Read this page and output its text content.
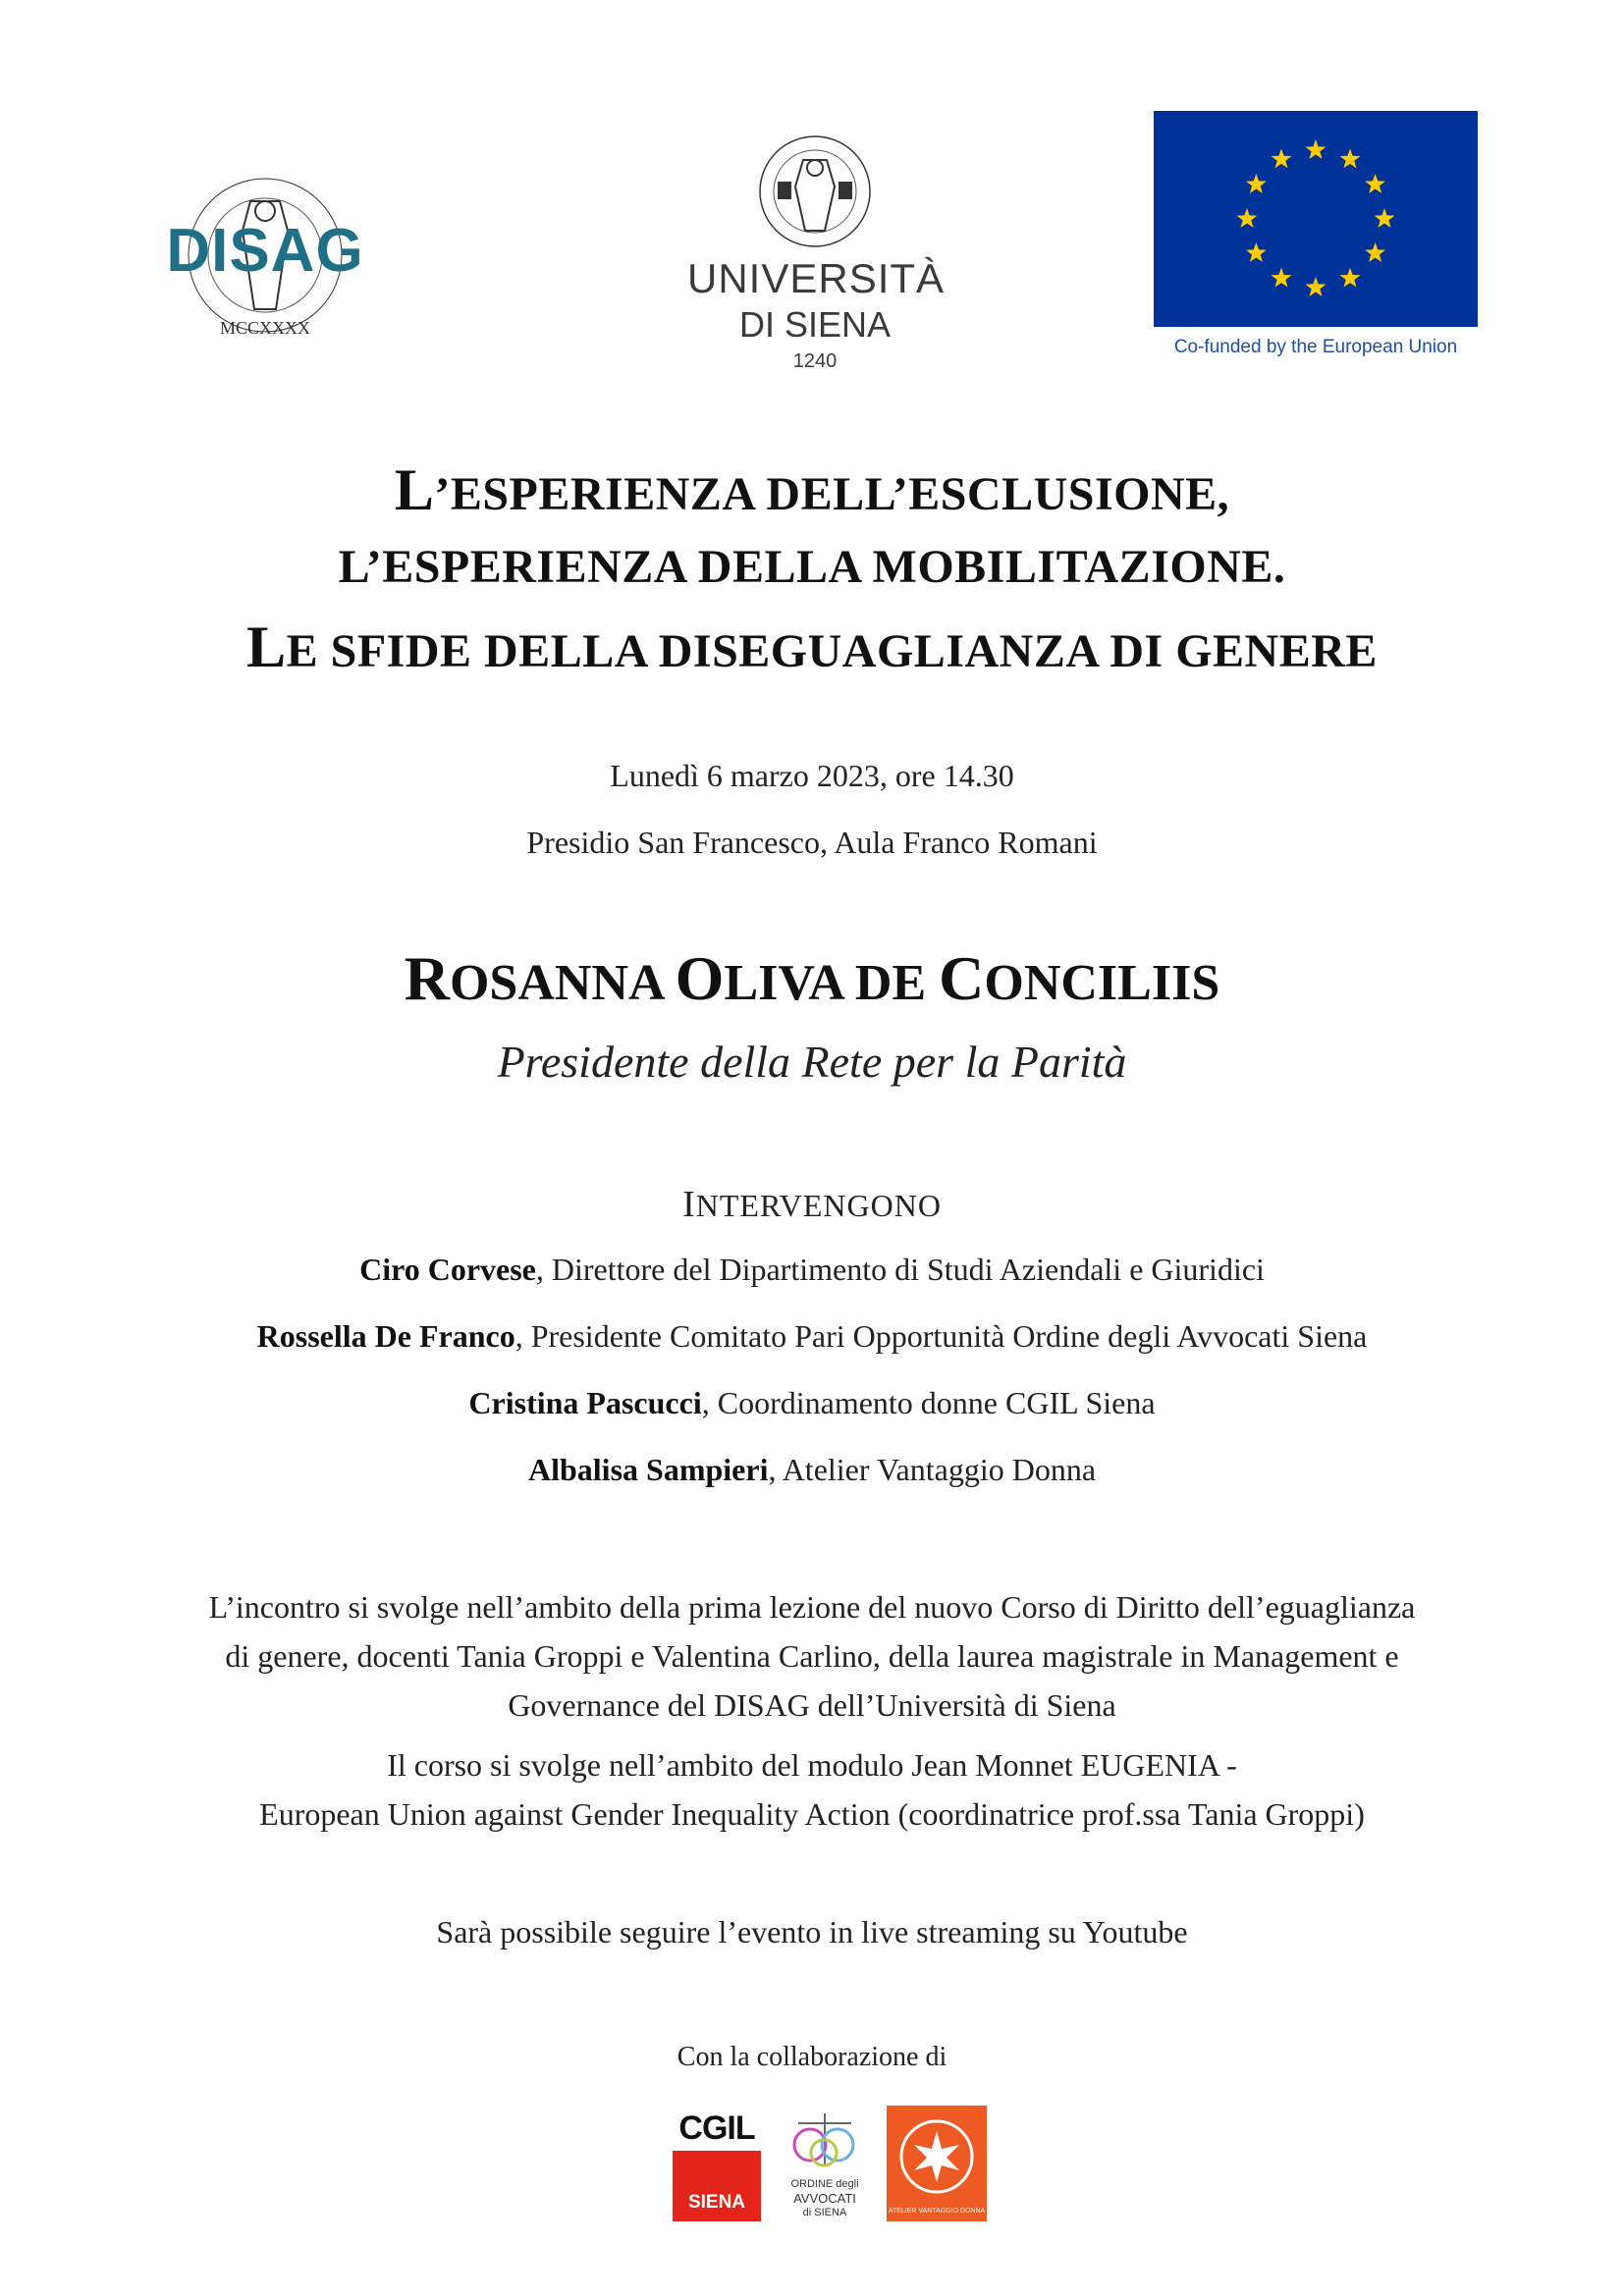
MCCXXXX
DISAG	UNIVERSITÀ
DI SIENA
1240
Co-funded by the European Union
L’ESPERIENZA DELL’ESCLUSIONE,
L’ESPERIENZA DELLA MOBILITAZIONE.
LE SFIDE DELLA DISEGUAGLIANZA DI GENERE
Lunedì 6 marzo 2023, ore 14.30
Presidio San Francesco, Aula Franco Romani
ROSANNA OLIVA DE CONCILIIS
Presidente della Rete per la Parità
INTERVENGONO
Ciro Corvese, Direttore del Dipartimento di Studi Aziendali e Giuridici
Rossella De Franco, Presidente Comitato Pari Opportunità Ordine degli Avvocati Siena
Cristina Pascucci, Coordinamento donne CGIL Siena
Albalisa Sampieri, Atelier Vantaggio Donna
L’incontro si svolge nell’ambito della prima lezione del nuovo Corso di Diritto dell’eguaglianza
di genere, docenti Tania Groppi e Valentina Carlino, della laurea magistrale in Management e
Governance del DISAG dell’Università di Siena
Il corso si svolge nell’ambito del modulo Jean Monnet EUGENIA -
European Union against Gender Inequality Action (coordinatrice prof.ssa Tania Groppi)
Sarà possibile seguire l’evento in live streaming su Youtube
Con la collaborazione di
CGIL
SIENA
ORDINE degli
AVVOCATI
di SIENA	ATELIER VANTAGGIO DONNA
